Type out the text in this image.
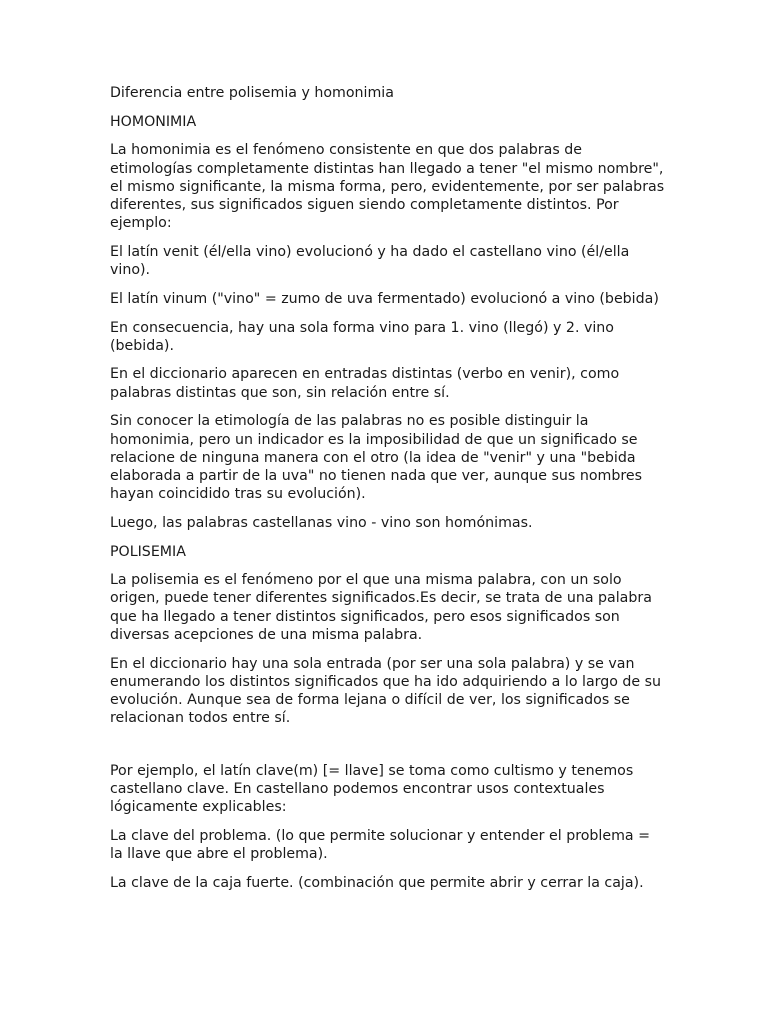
Diferencia entre polisemia y homonimia

HOMONIMIA

La homonimia es el fenómeno consistente en que dos palabras de etimologías completamente distintas han llegado a tener "el mismo nombre", el mismo significante, la misma forma, pero, evidentemente, por ser palabras diferentes, sus significados siguen siendo completamente distintos. Por ejemplo:

El latín venit (él/ella vino) evolucionó y ha dado el castellano vino (él/ella vino).

El latín vinum ("vino" = zumo de uva fermentado) evolucionó a vino (bebida)

En consecuencia, hay una sola forma vino para 1. vino (llegó) y 2. vino (bebida).

En el diccionario aparecen en entradas distintas (verbo en venir), como palabras distintas que son, sin relación entre sí.

Sin conocer la etimología de las palabras no es posible distinguir la homonimia, pero un indicador es la imposibilidad de que un significado se relacione de ninguna manera con el otro (la idea de "venir" y una "bebida elaborada a partir de la uva" no tienen nada que ver, aunque sus nombres hayan coincidido tras su evolución).

Luego, las palabras castellanas vino - vino son homónimas.

POLISEMIA

La polisemia es el fenómeno por el que una misma palabra, con un solo origen, puede tener diferentes significados.Es decir, se trata de una palabra que ha llegado a tener distintos significados, pero esos significados son diversas acepciones de una misma palabra.

En el diccionario hay una sola entrada (por ser una sola palabra) y se van enumerando los distintos significados que ha ido adquiriendo a lo largo de su evolución. Aunque sea de forma lejana o difícil de ver, los significados se relacionan todos entre sí.

Por ejemplo, el latín clave(m) [= llave] se toma como cultismo y tenemos castellano clave. En castellano podemos encontrar usos contextuales lógicamente explicables:

La clave del problema. (lo que permite solucionar y entender el problema = la llave que abre el problema).

La clave de la caja fuerte. (combinación que permite abrir y cerrar la caja).
